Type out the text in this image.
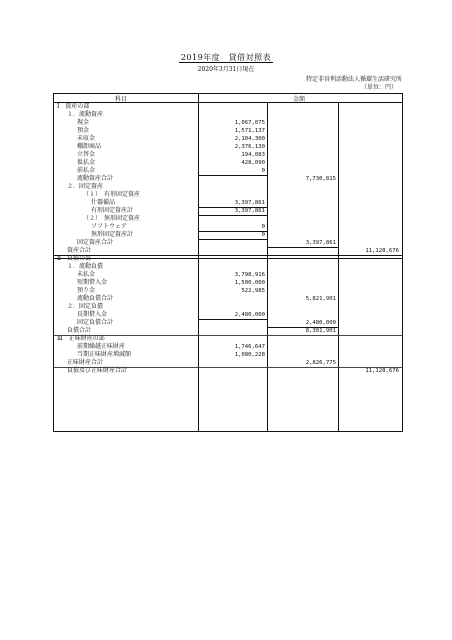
2019年度　貸借対照表
2020年3月31日現在
特定非営利活動法人循環生活研究所
（単位：円）
科目	金額
Ⅰ　資産の部
１．流動資産
現金	1,067,075
預金	1,571,137
未収金	2,104,300
棚卸商品	2,376,130
立替金	194,083
仮払金	428,090
前払金	0
流動資産合計	7,730,815
２．固定資産
（１）　有形固定資産
什器備品	3,397,861
有形固定資産計	3,397,861
（２）　無形固定資産
ソフトウェア	0
無形固定資産計	0
固定資産合計	3,397,861
資産合計	11,128,676
Ⅱ　負債の部
１．流動負債
未払金	3,798,916
短期借入金	1,500,000
預り金	522,985
流動負債合計	5,821,901
２．固定負債
長期借入金	2,480,000
固定負債合計	2,480,000
負債合計	8,301,901
Ⅲ　正味財産の部
前期繰越正味財産	1,746,647
当期正味財産増減額	1,080,228
正味財産合計	2,826,775
負債及び正味財産合計	11,128,676
